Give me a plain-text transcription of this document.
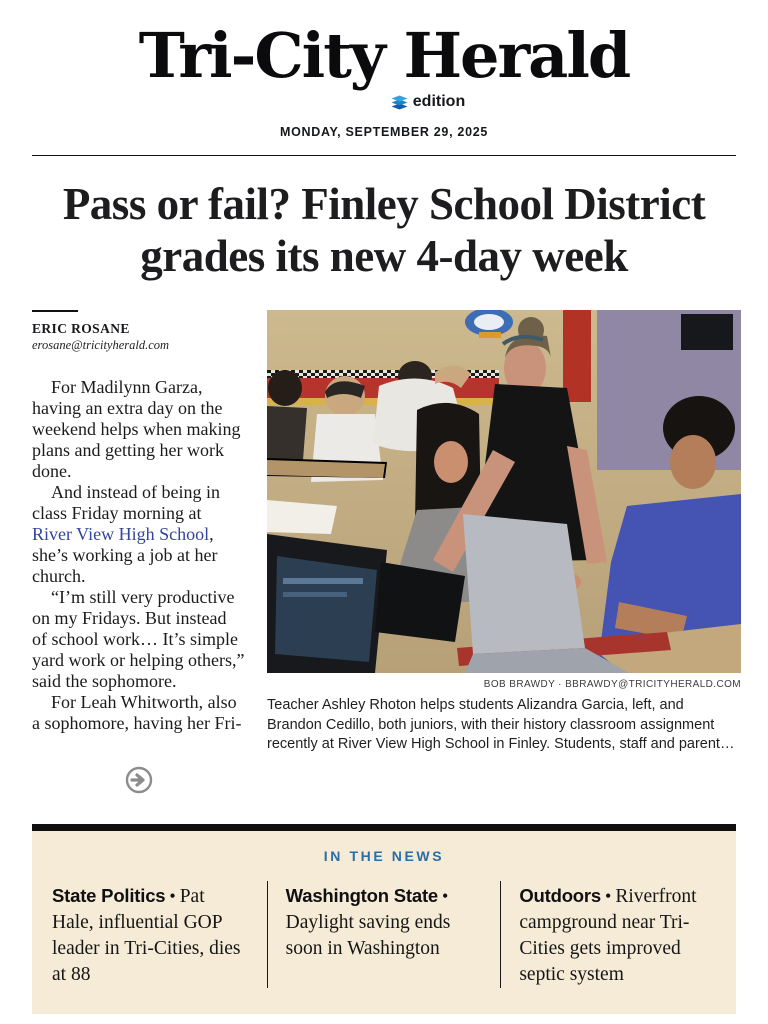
Tri-City Herald
edition
MONDAY, SEPTEMBER 29, 2025
Pass or fail? Finley School District grades its new 4-day week
ERIC ROSANE
erosane@tricityherald.com

For Madilynn Garza, having an extra day on the weekend helps when making plans and getting her work done.

And instead of being in class Friday morning at River View High School, she’s working a job at her church.

“I’m still very productive on my Fridays. But instead of school work… It’s simple yard work or helping others,” said the sophomore.

For Leah Whitworth, also a sophomore, having her Fri-

BOB BRAWDY · BBRAWDY@TRICITYHERALD.COM
Teacher Ashley Rhoton helps students Alizandra Garcia, left, and Brandon Cedillo, both juniors, with their history classroom assignment recently at River View High School in Finley. Students, staff and parent…
IN THE NEWS
State Politics • Pat Hale, influential GOP leader in Tri-Cities, dies at 88
Washington State • Daylight saving ends soon in Washington
Outdoors • Riverfront campground near Tri-Cities gets improved septic system
